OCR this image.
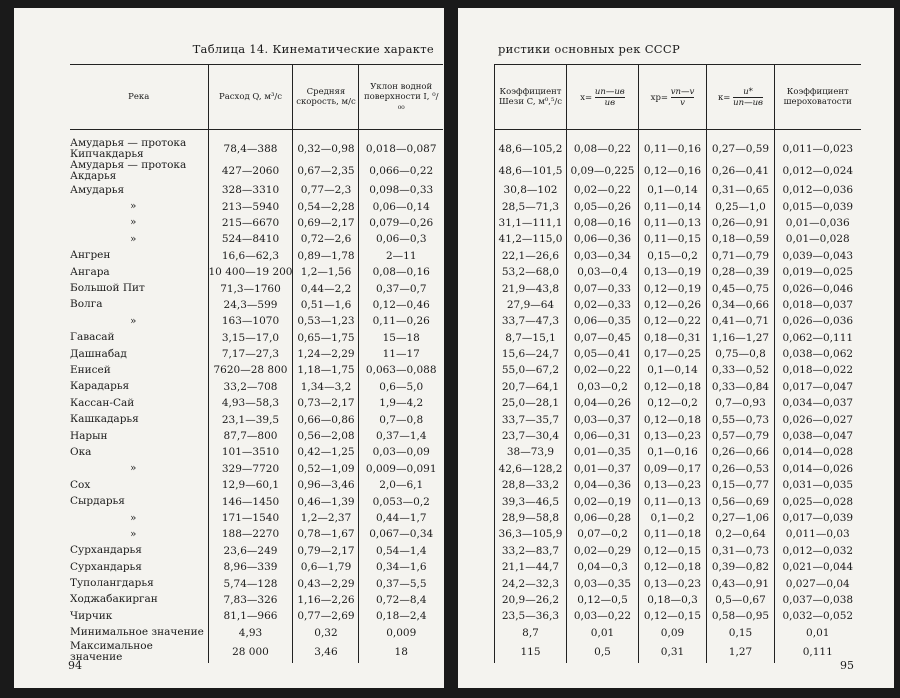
Таблица 14. Кинематические характе
Река	Расход Q, м³/с	Средняя скорость, м/с	Уклон водной поверхности I, ⁰/₀₀
Амударья — протока Кипчакдарья	78,4—388	0,32—0,98	0,018—0,087
Амударья — протока Акдарья	427—2060	0,67—2,35	0,066—0,22
Амударья	328—3310	0,77—2,3	0,098—0,33
»	213—5940	0,54—2,28	0,06—0,14
»	215—6670	0,69—2,17	0,079—0,26
»	524—8410	0,72—2,6	0,06—0,3
Ангрен	16,6—62,3	0,89—1,78	2—11
Ангара	10 400—19 200	1,2—1,56	0,08—0,16
Большой Пит	71,3—1760	0,44—2,2	0,37—0,7
Волга	24,3—599	0,51—1,6	0,12—0,46
»	163—1070	0,53—1,23	0,11—0,26
Гавасай	3,15—17,0	0,65—1,75	15—18
Дашнабад	7,17—27,3	1,24—2,29	11—17
Енисей	7620—28 800	1,18—1,75	0,063—0,088
Карадарья	33,2—708	1,34—3,2	0,6—5,0
Кассан-Сай	4,93—58,3	0,73—2,17	1,9—4,2
Кашкадарья	23,1—39,5	0,66—0,86	0,7—0,8
Нарын	87,7—800	0,56—2,08	0,37—1,4
Ока	101—3510	0,42—1,25	0,03—0,09
»	329—7720	0,52—1,09	0,009—0,091
Сох	12,9—60,1	0,96—3,46	2,0—6,1
Сырдарья	146—1450	0,46—1,39	0,053—0,2
»	171—1540	1,2—2,37	0,44—1,7
»	188—2270	0,78—1,67	0,067—0,34
Сурхандарья	23,6—249	0,79—2,17	0,54—1,4
Сурхандарья	8,96—339	0,6—1,79	0,34—1,6
Туполангдарья	5,74—128	0,43—2,29	0,37—5,5
Ходжабакирган	7,83—326	1,16—2,26	0,72—8,4
Чирчик	81,1—966	0,77—2,69	0,18—2,4
Минимальное значение	4,93	0,32	0,009
Максимальное значение	28 000	3,46	18
94
ристики основных рек СССР
Коэффициент Шези C, м⁰,⁵/с	$x= \frac{uп—uв}{uв}$	$xр= \frac{vп—v}{v}$	$\kappa= \frac{u*}{uп—uв}$	Коэффициент шероховатости
48,6—105,2	0,08—0,22	0,11—0,16	0,27—0,59	0,011—0,023
48,6—101,5	0,09—0,225	0,12—0,16	0,26—0,41	0,012—0,024
30,8—102	0,02—0,22	0,1—0,14	0,31—0,65	0,012—0,036
28,5—71,3	0,05—0,26	0,11—0,14	0,25—1,0	0,015—0,039
31,1—111,1	0,08—0,16	0,11—0,13	0,26—0,91	0,01—0,036
41,2—115,0	0,06—0,36	0,11—0,15	0,18—0,59	0,01—0,028
22,1—26,6	0,03—0,34	0,15—0,2	0,71—0,79	0,039—0,043
53,2—68,0	0,03—0,4	0,13—0,19	0,28—0,39	0,019—0,025
21,9—43,8	0,07—0,33	0,12—0,19	0,45—0,75	0,026—0,046
27,9—64	0,02—0,33	0,12—0,26	0,34—0,66	0,018—0,037
33,7—47,3	0,06—0,35	0,12—0,22	0,41—0,71	0,026—0,036
8,7—15,1	0,07—0,45	0,18—0,31	1,16—1,27	0,062—0,111
15,6—24,7	0,05—0,41	0,17—0,25	0,75—0,8	0,038—0,062
55,0—67,2	0,02—0,22	0,1—0,14	0,33—0,52	0,018—0,022
20,7—64,1	0,03—0,2	0,12—0,18	0,33—0,84	0,017—0,047
25,0—28,1	0,04—0,26	0,12—0,2	0,7—0,93	0,034—0,037
33,7—35,7	0,03—0,37	0,12—0,18	0,55—0,73	0,026—0,027
23,7—30,4	0,06—0,31	0,13—0,23	0,57—0,79	0,038—0,047
38—73,9	0,01—0,35	0,1—0,16	0,26—0,66	0,014—0,028
42,6—128,2	0,01—0,37	0,09—0,17	0,26—0,53	0,014—0,026
28,8—33,2	0,04—0,36	0,13—0,23	0,15—0,77	0,031—0,035
39,3—46,5	0,02—0,19	0,11—0,13	0,56—0,69	0,025—0,028
28,9—58,8	0,06—0,28	0,1—0,2	0,27—1,06	0,017—0,039
36,3—105,9	0,07—0,2	0,11—0,18	0,2—0,64	0,011—0,03
33,2—83,7	0,02—0,29	0,12—0,15	0,31—0,73	0,012—0,032
21,1—44,7	0,04—0,3	0,12—0,18	0,39—0,82	0,021—0,044
24,2—32,3	0,03—0,35	0,13—0,23	0,43—0,91	0,027—0,04
20,9—26,2	0,12—0,5	0,18—0,3	0,5—0,67	0,037—0,038
23,5—36,3	0,03—0,22	0,12—0,15	0,58—0,95	0,032—0,052
8,7	0,01	0,09	0,15	0,01
115	0,5	0,31	1,27	0,111
95
